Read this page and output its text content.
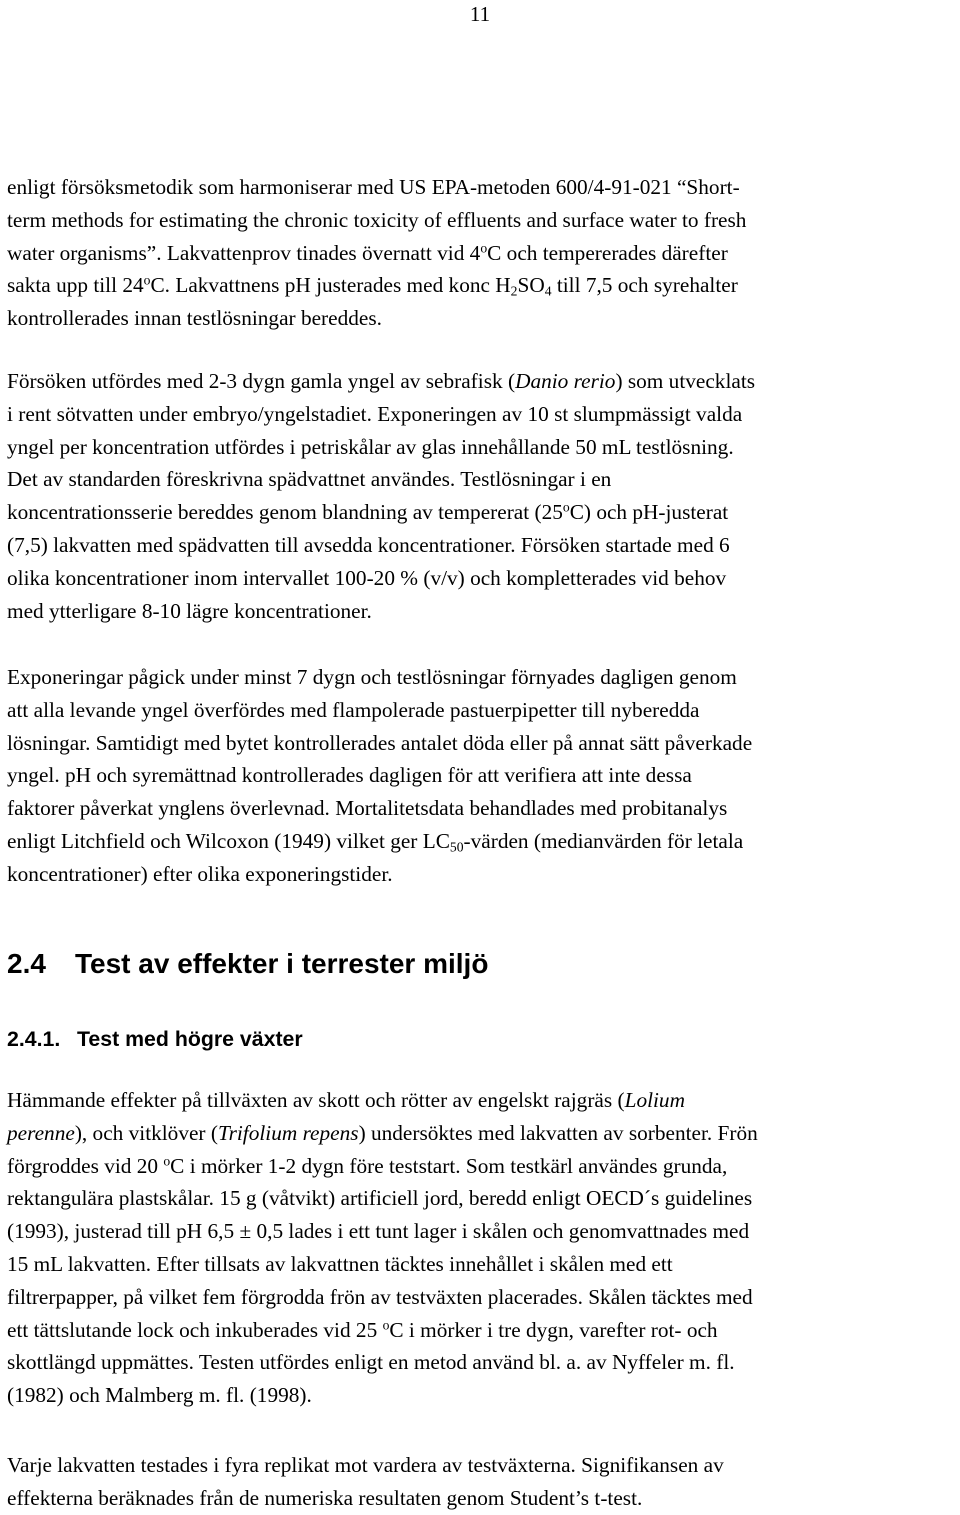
11

enligt försöksmetodik som harmoniserar med US EPA-metoden 600/4-91-021 “Short-

term methods for estimating the chronic toxicity of effluents and surface water to fresh

water organisms”. Lakvattenprov tinades övernatt vid 4$^o$C och tempererades därefter

sakta upp till 24$^o$C. Lakvattnens pH justerades med konc $H_2SO_4$ till 7,5 och syrehalter

kontrollerades innan testlösningar bereddes.

Försöken utfördes med 2-3 dygn gamla yngel av sebrafisk (Danio rerio) som utvecklats

i rent sötvatten under embryo/yngelstadiet. Exponeringen av 10 st slumpmässigt valda

yngel per koncentration utfördes i petriskålar av glas innehållande 50 mL testlösning.

Det av standarden föreskrivna spädvattnet användes. Testlösningar i en

koncentrationsserie bereddes genom blandning av tempererat (25$^o$C) och pH-justerat

(7,5) lakvatten med spädvatten till avsedda koncentrationer. Försöken startade med 6

olika koncentrationer inom intervallet 100-20 % (v/v) och kompletterades vid behov

med ytterligare 8-10 lägre koncentrationer.

Exponeringar pågick under minst 7 dygn och testlösningar förnyades dagligen genom

att alla levande yngel överfördes med flampolerade pastuerpipetter till nyberedda

lösningar. Samtidigt med bytet kontrollerades antalet döda eller på annat sätt påverkade

yngel. pH och syremättnad kontrollerades dagligen för att verifiera att inte dessa

faktorer påverkat ynglens överlevnad. Mortalitetsdata behandlades med probitanalys

enligt Litchfield och Wilcoxon (1949) vilket ger $LC_{50}$-värden (medianvärden för letala

koncentrationer) efter olika exponeringstider.

2.4 Test av effekter i terrester miljö
2.4.1. Test med högre växter

Hämmande effekter på tillväxten av skott och rötter av engelskt rajgräs (Lolium

perenne), och vitklöver (Trifolium repens) undersöktes med lakvatten av sorbenter. Frön

förgroddes vid 20 $^o$C i mörker 1-2 dygn före teststart. Som testkärl användes grunda,

rektangulära plastskålar. 15 g (våtvikt) artificiell jord, beredd enligt OECD´s guidelines

(1993), justerad till pH 6,5 ± 0,5 lades i ett tunt lager i skålen och genomvattnades med

15 mL lakvatten. Efter tillsats av lakvattnen täcktes innehållet i skålen med ett

filtrerpapper, på vilket fem förgrodda frön av testväxten placerades. Skålen täcktes med

ett tättslutande lock och inkuberades vid 25 $^o$C i mörker i tre dygn, varefter rot- och

skottlängd uppmättes. Testen utfördes enligt en metod använd bl. a. av Nyffeler m. fl.

(1982) och Malmberg m. fl. (1998).

Varje lakvatten testades i fyra replikat mot vardera av testväxterna. Signifikansen av

effekterna beräknades från de numeriska resultaten genom Student’s t-test.
